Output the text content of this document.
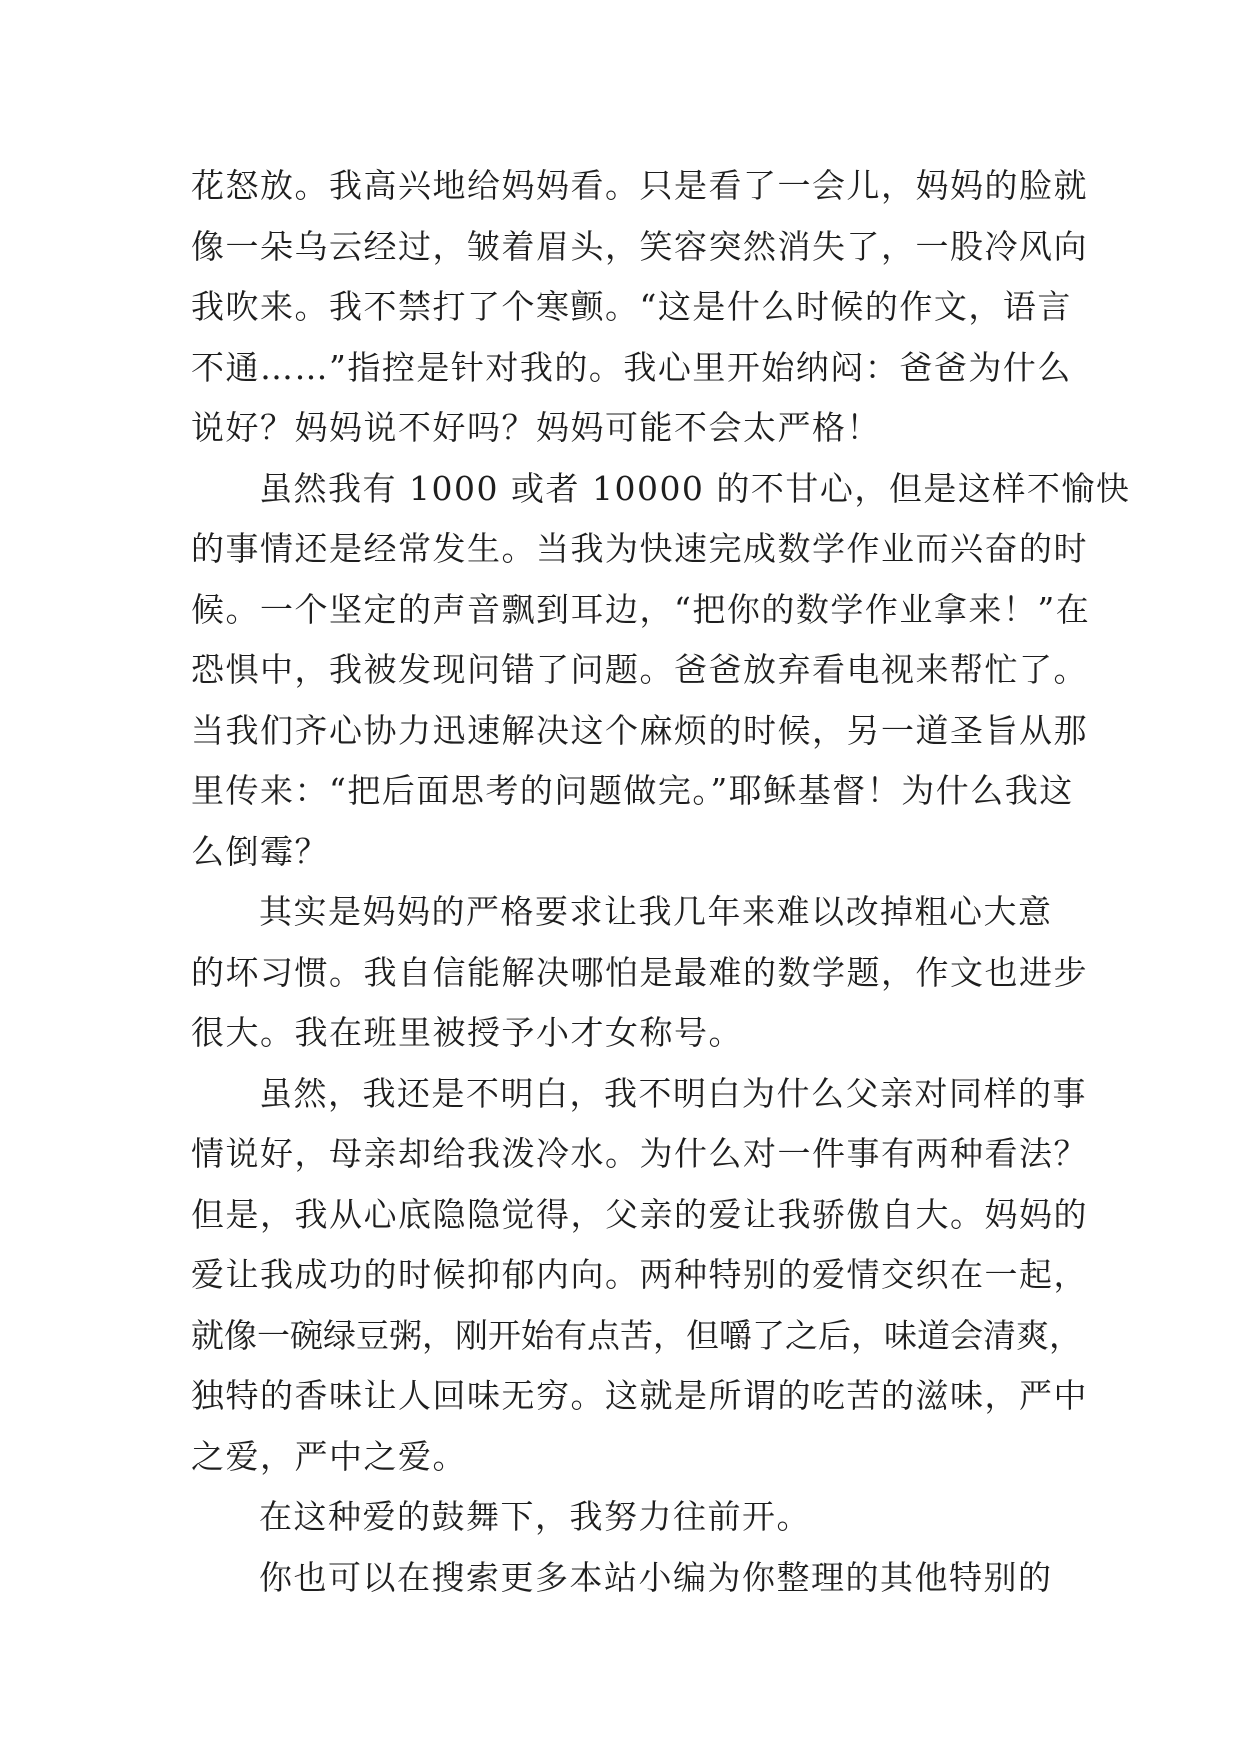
花怒放。我高兴地给妈妈看。只是看了一会儿，妈妈的脸就
像一朵乌云经过，皱着眉头，笑容突然消失了，一股冷风向
我吹来。我不禁打了个寒颤。“这是什么时候的作文，语言
不通……”指控是针对我的。我心里开始纳闷：爸爸为什么
说好？妈妈说不好吗？妈妈可能不会太严格！
虽然我有 1000 或者 10000 的不甘心，但是这样不愉快
的事情还是经常发生。当我为快速完成数学作业而兴奋的时
候。一个坚定的声音飘到耳边，“把你的数学作业拿来！”在
恐惧中，我被发现问错了问题。爸爸放弃看电视来帮忙了。
当我们齐心协力迅速解决这个麻烦的时候，另一道圣旨从那
里传来：“把后面思考的问题做完。”耶稣基督！为什么我这
么倒霉？
其实是妈妈的严格要求让我几年来难以改掉粗心大意
的坏习惯。我自信能解决哪怕是最难的数学题，作文也进步
很大。我在班里被授予小才女称号。
虽然，我还是不明白，我不明白为什么父亲对同样的事
情说好，母亲却给我泼冷水。为什么对一件事有两种看法？
但是，我从心底隐隐觉得，父亲的爱让我骄傲自大。妈妈的
爱让我成功的时候抑郁内向。两种特别的爱情交织在一起，
就像一碗绿豆粥，刚开始有点苦，但嚼了之后，味道会清爽，
独特的香味让人回味无穷。这就是所谓的吃苦的滋味，严中
之爱，严中之爱。
在这种爱的鼓舞下，我努力往前开。
你也可以在搜索更多本站小编为你整理的其他特别的
